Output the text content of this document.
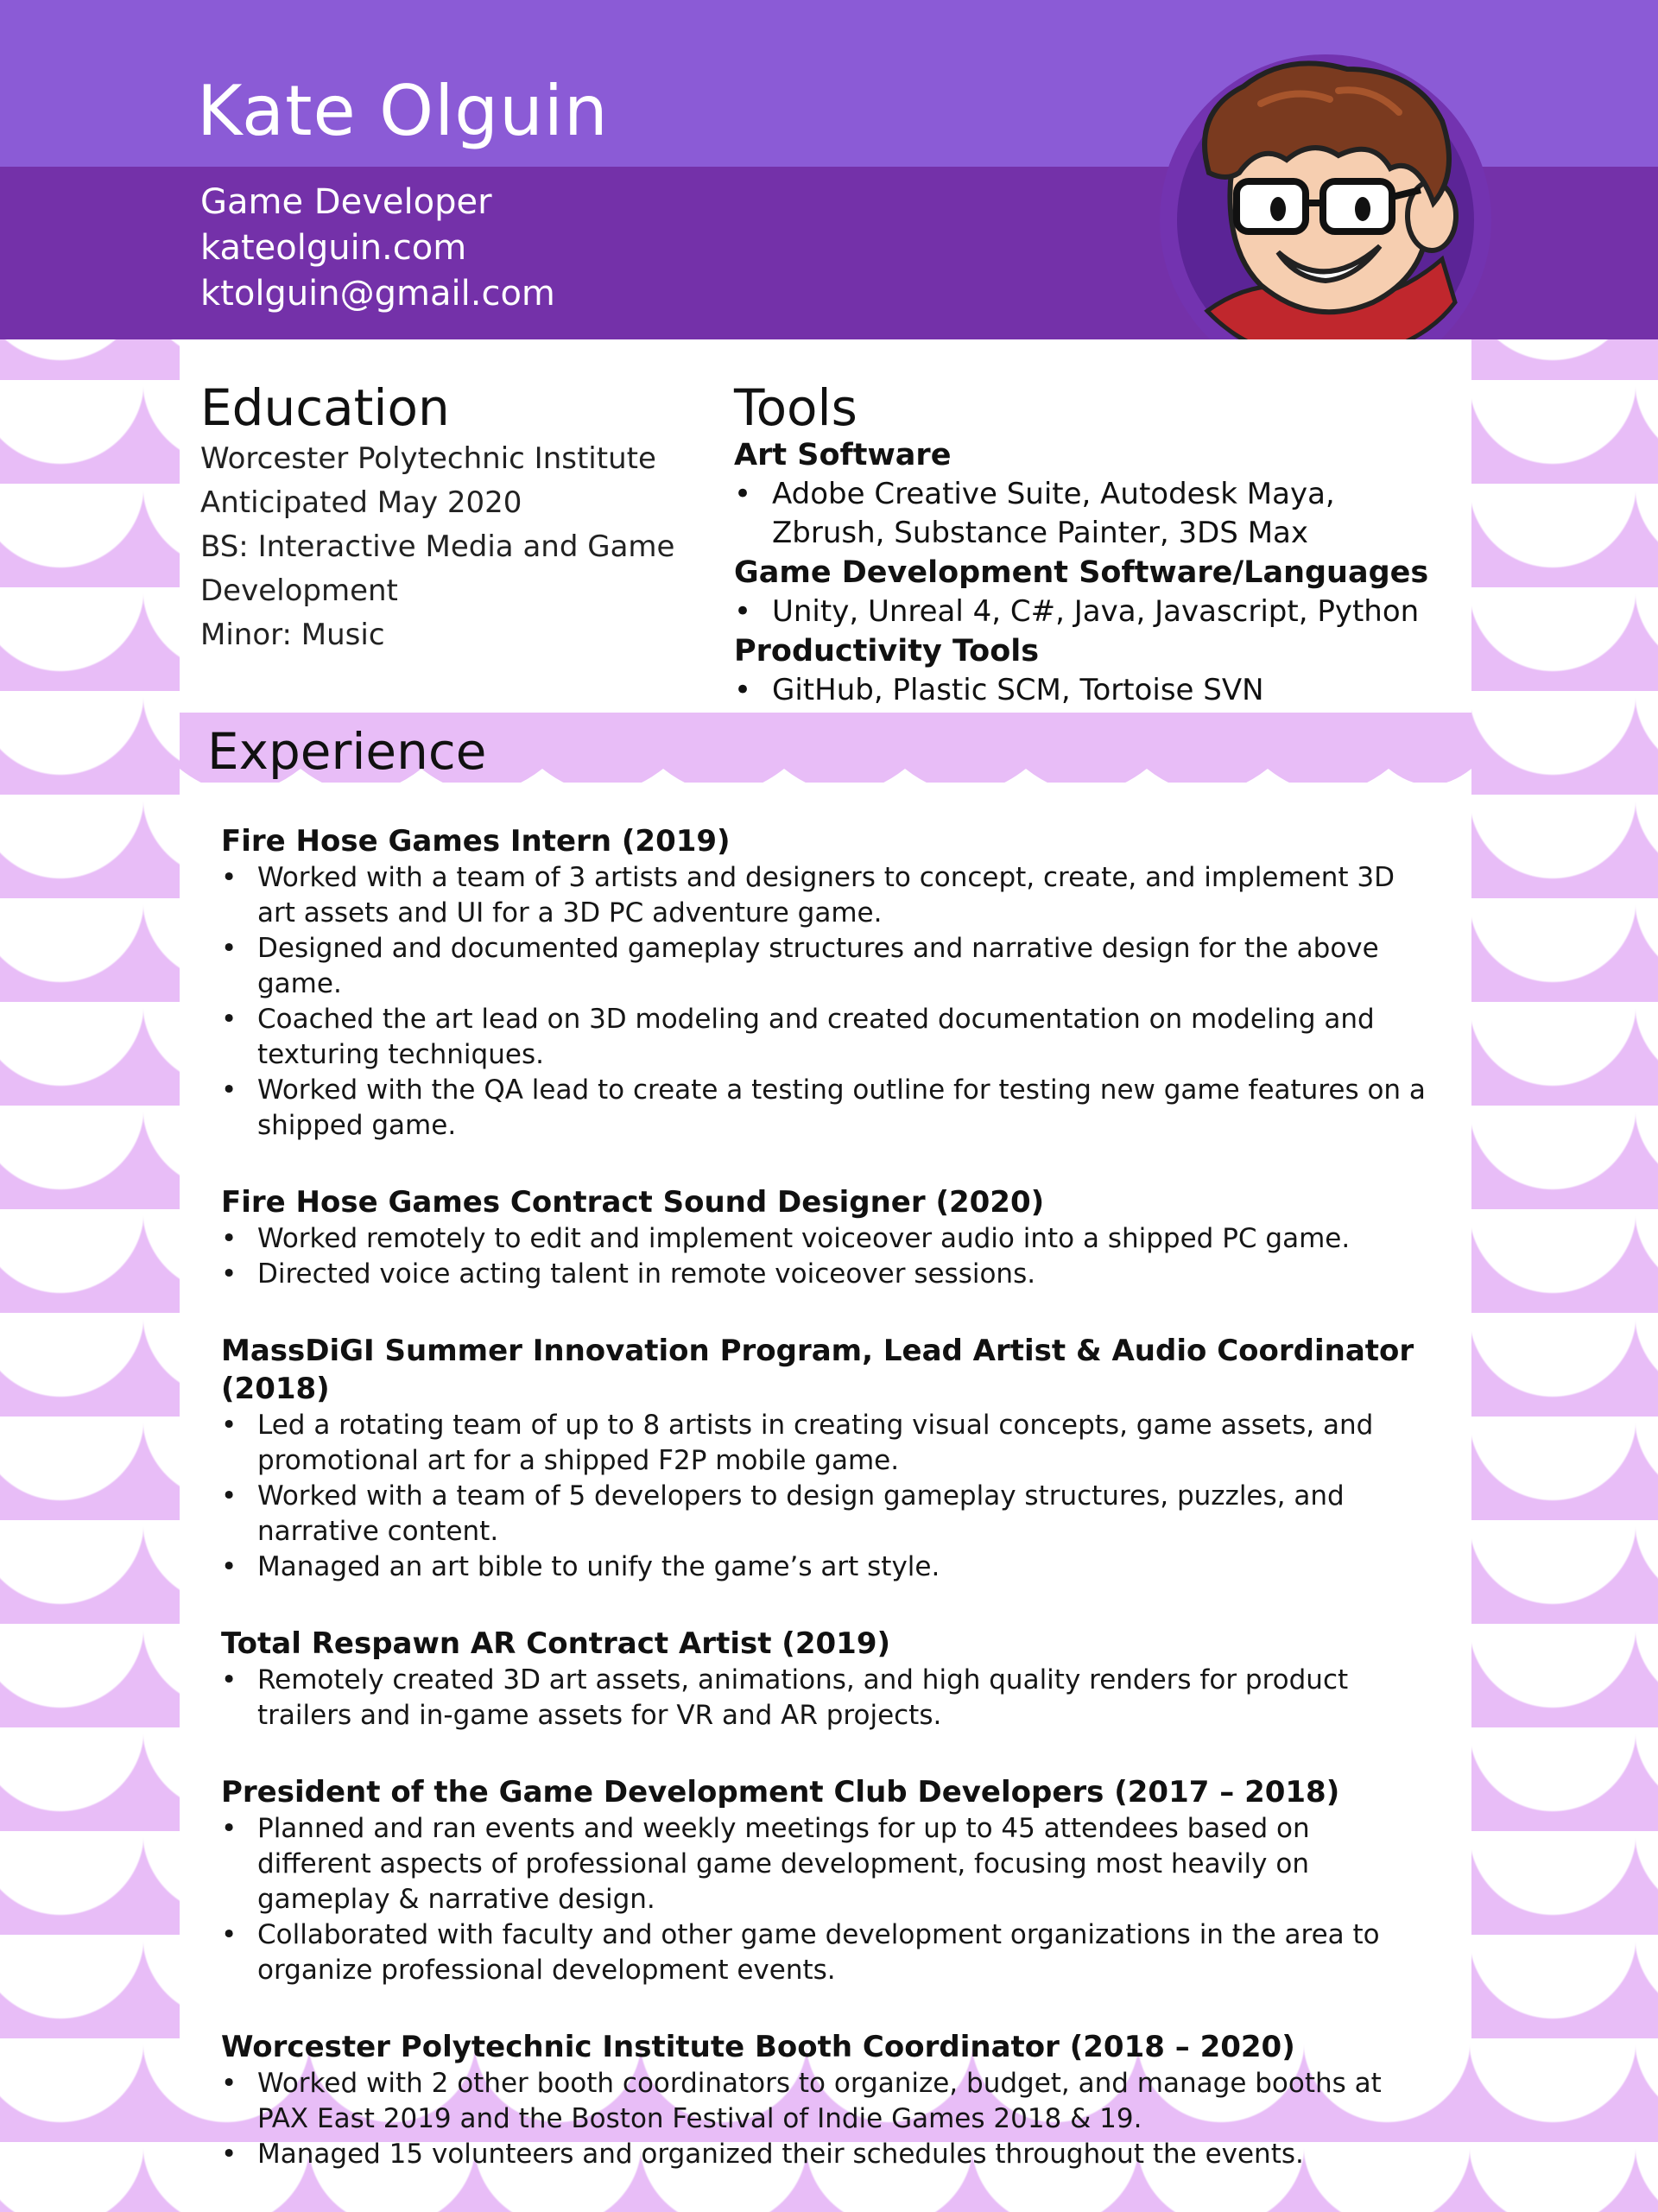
Kate Olguin
Game Developer
kateolguin.com
ktolguin@gmail.com
Education
Worcester Polytechnic Institute
Anticipated May 2020
BS: Interactive Media and Game
Development
Minor: Music
Tools
Art Software
• Adobe Creative Suite, Autodesk Maya, Zbrush, Substance Painter, 3DS Max
Game Development Software/Languages
• Unity, Unreal 4, C#, Java, Javascript, Python
Productivity Tools
• GitHub, Plastic SCM, Tortoise SVN
Experience
Fire Hose Games Intern (2019)
• Worked with a team of 3 artists and designers to concept, create, and implement 3D art assets and UI for a 3D PC adventure game.
• Designed and documented gameplay structures and narrative design for the above game.
• Coached the art lead on 3D modeling and created documentation on modeling and texturing techniques.
• Worked with the QA lead to create a testing outline for testing new game features on a shipped game.
Fire Hose Games Contract Sound Designer (2020)
• Worked remotely to edit and implement voiceover audio into a shipped PC game.
• Directed voice acting talent in remote voiceover sessions.
MassDiGI Summer Innovation Program, Lead Artist & Audio Coordinator (2018)
• Led a rotating team of up to 8 artists in creating visual concepts, game assets, and promotional art for a shipped F2P mobile game.
• Worked with a team of 5 developers to design gameplay structures, puzzles, and narrative content.
• Managed an art bible to unify the game’s art style.
Total Respawn AR Contract Artist (2019)
• Remotely created 3D art assets, animations, and high quality renders for product trailers and in-game assets for VR and AR projects.
President of the Game Development Club Developers (2017 – 2018)
• Planned and ran events and weekly meetings for up to 45 attendees based on different aspects of professional game development, focusing most heavily on gameplay & narrative design.
• Collaborated with faculty and other game development organizations in the area to organize professional development events.
Worcester Polytechnic Institute Booth Coordinator (2018 – 2020)
• Worked with 2 other booth coordinators to organize, budget, and manage booths at PAX East 2019 and the Boston Festival of Indie Games 2018 & 19.
• Managed 15 volunteers and organized their schedules throughout the events.
